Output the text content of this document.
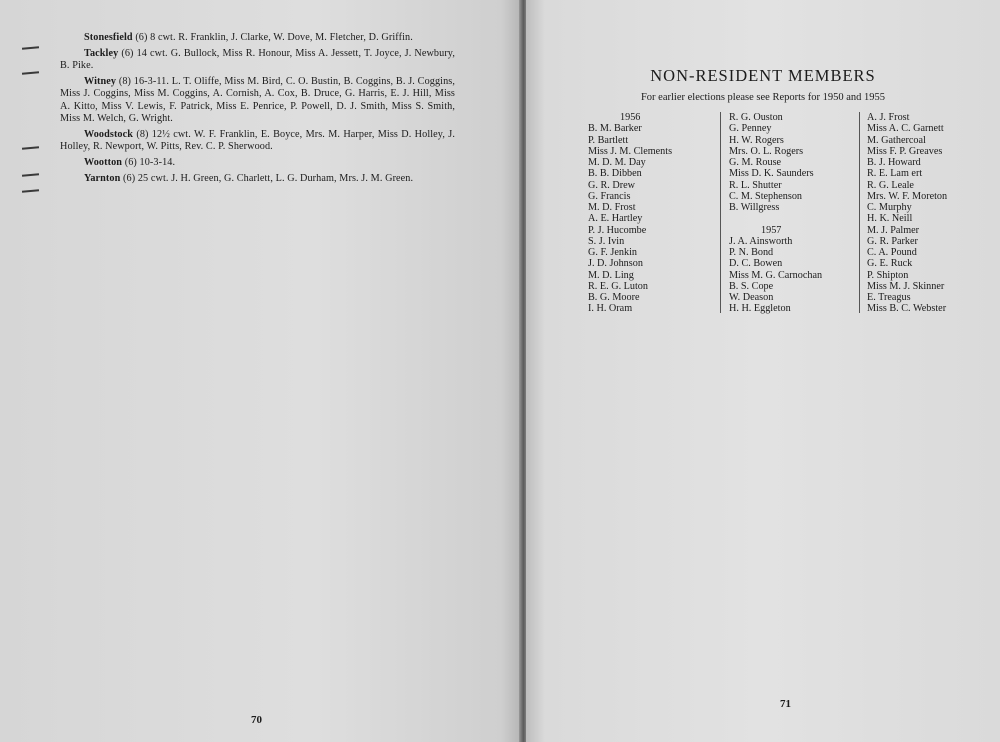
Stonesfield (6) 8 cwt. R. Franklin, J. Clarke, W. Dove, M. Fletcher, D. Griffin.
Tackley (6) 14 cwt. G. Bullock, Miss R. Honour, Miss A. Jessett, T. Joyce, J. Newbury, B. Pike.
Witney (8) 16-3-11. L. T. Oliffe, Miss M. Bird, C. O. Bustin, B. Coggins, B. J. Coggins, Miss J. Coggins, Miss M. Coggins, A. Cornish, A. Cox, B. Druce, G. Harris, E. J. Hill, Miss A. Kitto, Miss V. Lewis, F. Patrick, Miss E. Penrice, P. Powell, D. J. Smith, Miss S. Smith, Miss M. Welch, G. Wright.
Woodstock (8) 12½ cwt. W. F. Franklin, E. Boyce, Mrs. M. Harper, Miss D. Holley, J. Holley, R. Newport, W. Pitts, Rev. C. P. Sherwood.
Wootton (6) 10-3-14.
Yarnton (6) 25 cwt. J. H. Green, G. Charlett, L. G. Durham, Mrs. J. M. Green.
70
NON-RESIDENT MEMBERS
For earlier elections please see Reports for 1950 and 1955
1956
B. M. Barker
P. Bartlett
Miss J. M. Clements
M. D. M. Day
B. B. Dibben
G. R. Drew
G. Francis
M. D. Frost
A. E. Hartley
P. J. Hucombe
S. J. Ivin
G. F. Jenkin
J. D. Johnson
M. D. Ling
R. E. G. Luton
B. G. Moore
I. H. Oram
R. G. Ouston
G. Penney
H. W. Rogers
Mrs. O. L. Rogers
G. M. Rouse
Miss D. K. Saunders
R. L. Shutter
C. M. Stephenson
B. Willgress
1957
J. A. Ainsworth
P. N. Bond
D. C. Bowen
Miss M. G. Carnochan
B. S. Cope
W. Deason
H. H. Eggleton
A. J. Frost
Miss A. C. Garnett
M. Gathercoal
Miss F. P. Greaves
B. J. Howard
R. E. Lam ert
R. G. Leale
Mrs. W. F. Moreton
C. Murphy
H. K. Neill
M. J. Palmer
G. R. Parker
C. A. Pound
G. E. Ruck
P. Shipton
Miss M. J. Skinner
E. Treagus
Miss B. C. Webster
71
